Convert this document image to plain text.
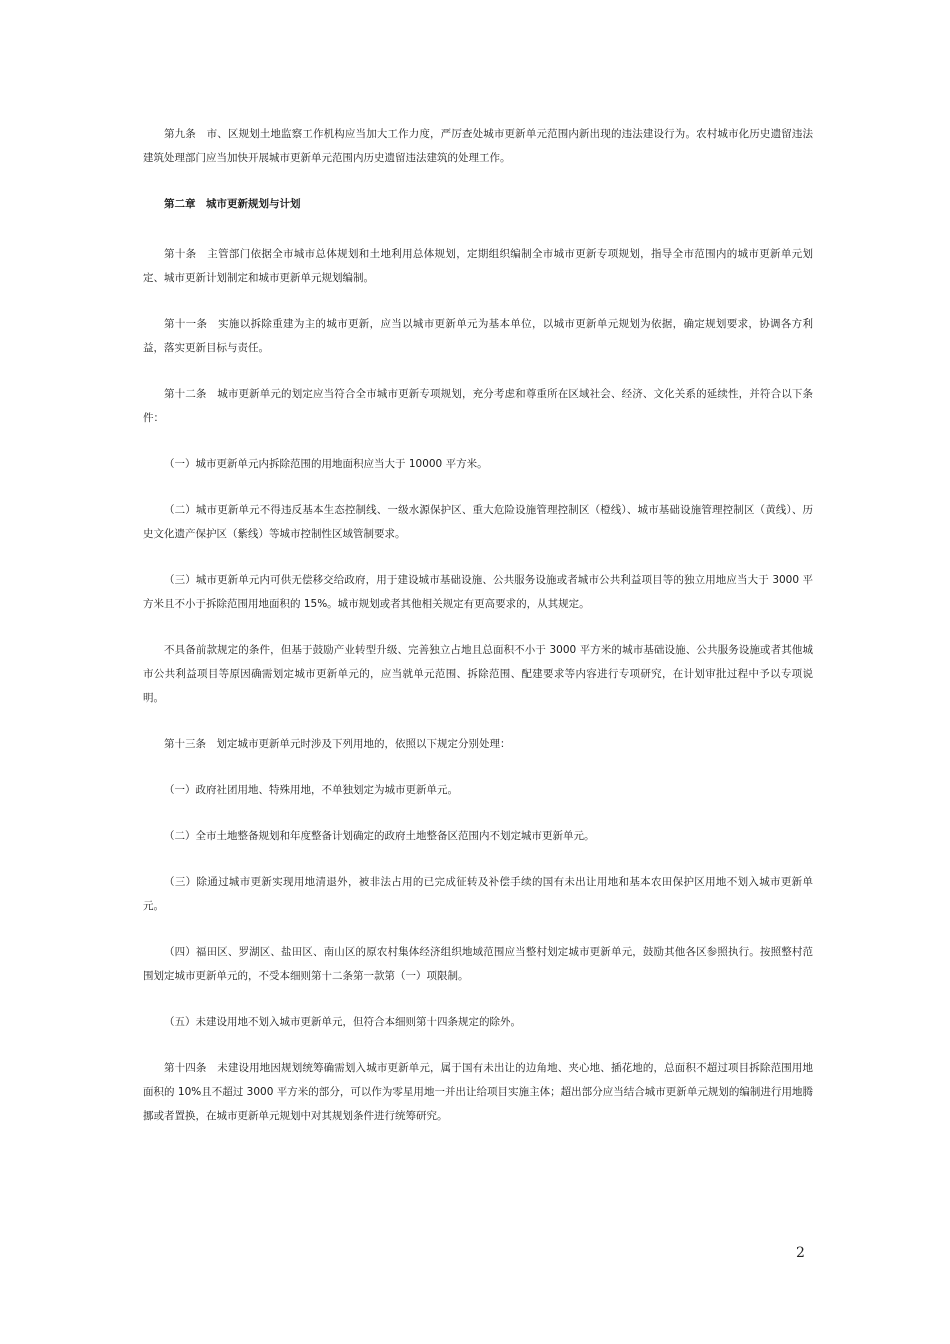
第九条　市、区规划土地监察工作机构应当加大工作力度，严厉查处城市更新单元范围内新出现的违法建设行为。农村城市化历史遗留违法建筑处理部门应当加快开展城市更新单元范围内历史遗留违法建筑的处理工作。

第二章　城市更新规划与计划

第十条　主管部门依据全市城市总体规划和土地利用总体规划，定期组织编制全市城市更新专项规划，指导全市范围内的城市更新单元划定、城市更新计划制定和城市更新单元规划编制。

第十一条　实施以拆除重建为主的城市更新，应当以城市更新单元为基本单位，以城市更新单元规划为依据，确定规划要求，协调各方利益，落实更新目标与责任。

第十二条　城市更新单元的划定应当符合全市城市更新专项规划，充分考虑和尊重所在区域社会、经济、文化关系的延续性，并符合以下条件：

（一）城市更新单元内拆除范围的用地面积应当大于 10000 平方米。

（二）城市更新单元不得违反基本生态控制线、一级水源保护区、重大危险设施管理控制区（橙线）、城市基础设施管理控制区（黄线）、历史文化遗产保护区（紫线）等城市控制性区域管制要求。

（三）城市更新单元内可供无偿移交给政府，用于建设城市基础设施、公共服务设施或者城市公共利益项目等的独立用地应当大于 3000 平方米且不小于拆除范围用地面积的 15%。城市规划或者其他相关规定有更高要求的，从其规定。

不具备前款规定的条件，但基于鼓励产业转型升级、完善独立占地且总面积不小于 3000 平方米的城市基础设施、公共服务设施或者其他城市公共利益项目等原因确需划定城市更新单元的，应当就单元范围、拆除范围、配建要求等内容进行专项研究，在计划审批过程中予以专项说明。

第十三条　划定城市更新单元时涉及下列用地的，依照以下规定分别处理：

（一）政府社团用地、特殊用地，不单独划定为城市更新单元。

（二）全市土地整备规划和年度整备计划确定的政府土地整备区范围内不划定城市更新单元。

（三）除通过城市更新实现用地清退外，被非法占用的已完成征转及补偿手续的国有未出让用地和基本农田保护区用地不划入城市更新单元。

（四）福田区、罗湖区、盐田区、南山区的原农村集体经济组织地域范围应当整村划定城市更新单元，鼓励其他各区参照执行。按照整村范围划定城市更新单元的，不受本细则第十二条第一款第（一）项限制。

（五）未建设用地不划入城市更新单元，但符合本细则第十四条规定的除外。

第十四条　未建设用地因规划统筹确需划入城市更新单元，属于国有未出让的边角地、夹心地、插花地的，总面积不超过项目拆除范围用地面积的 10%且不超过 3000 平方米的部分，可以作为零星用地一并出让给项目实施主体；超出部分应当结合城市更新单元规划的编制进行用地腾挪或者置换，在城市更新单元规划中对其规划条件进行统筹研究。

2
